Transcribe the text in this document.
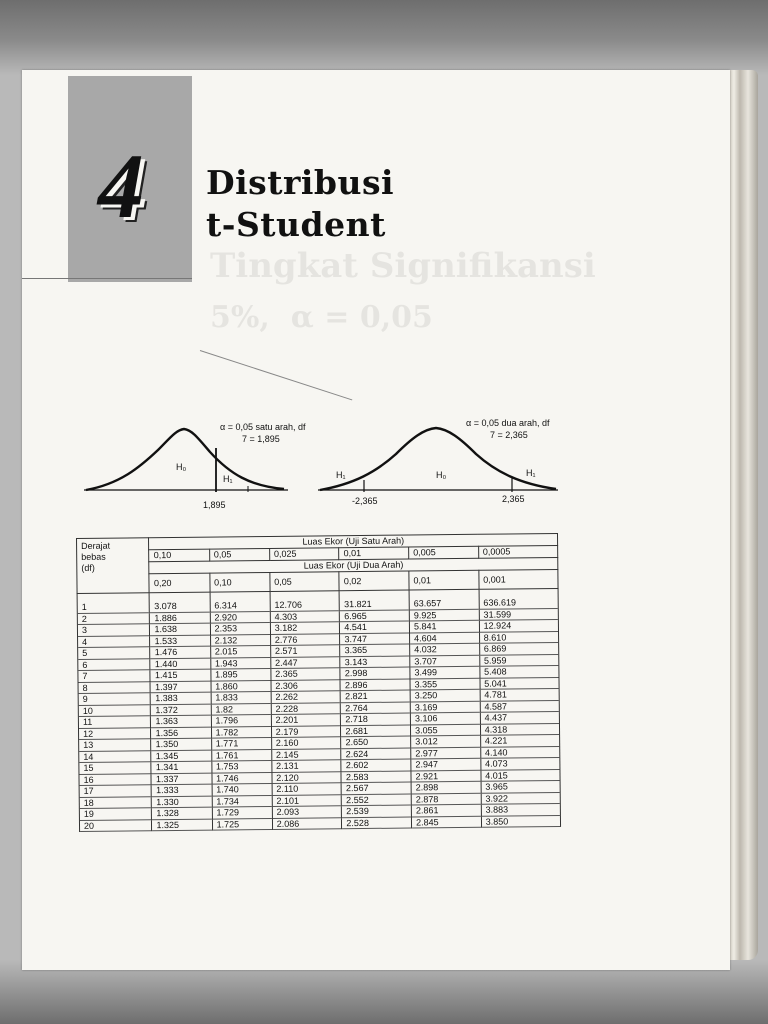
Tingkat Signifikansi
5%,  α = 0,05
4 Distribusi
t-Student
H₀
H₁
1,895
α = 0,05 satu arah, df
7 = 1,895
H₁	H₀	H₁
-2,365	2,365
α = 0,05 dua arah, df
7 = 2,365
Derajat
bebas
(df)	Luas Ekor (Uji Satu Arah)					
	0,10	0,05	0,025	0,01	0,005	0,0005
	Luas Ekor (Uji Dua Arah)					
	0,20	0,10	0,05	0,02	0,01	0,001
1	3.078	6.314	12.706	31.821	63.657	636.619
2	1.886	2.920	4.303	6.965	9.925	31.599
3	1.638	2.353	3.182	4.541	5.841	12.924
4	1.533	2.132	2.776	3.747	4.604	8.610
5	1.476	2.015	2.571	3.365	4.032	6.869
6	1.440	1.943	2.447	3.143	3.707	5.959
7	1.415	1.895	2.365	2.998	3.499	5.408
8	1.397	1.860	2.306	2.896	3.355	5.041
9	1.383	1.833	2.262	2.821	3.250	4.781
10	1.372	1.82	2.228	2.764	3.169	4.587
11	1.363	1.796	2.201	2.718	3.106	4.437
12	1.356	1.782	2.179	2.681	3.055	4.318
13	1.350	1.771	2.160	2.650	3.012	4.221
14	1.345	1.761	2.145	2.624	2.977	4.140
15	1.341	1.753	2.131	2.602	2.947	4.073
16	1.337	1.746	2.120	2.583	2.921	4.015
17	1.333	1.740	2.110	2.567	2.898	3.965
18	1.330	1.734	2.101	2.552	2.878	3.922
19	1.328	1.729	2.093	2.539	2.861	3.883
20	1.325	1.725	2.086	2.528	2.845	3.850
